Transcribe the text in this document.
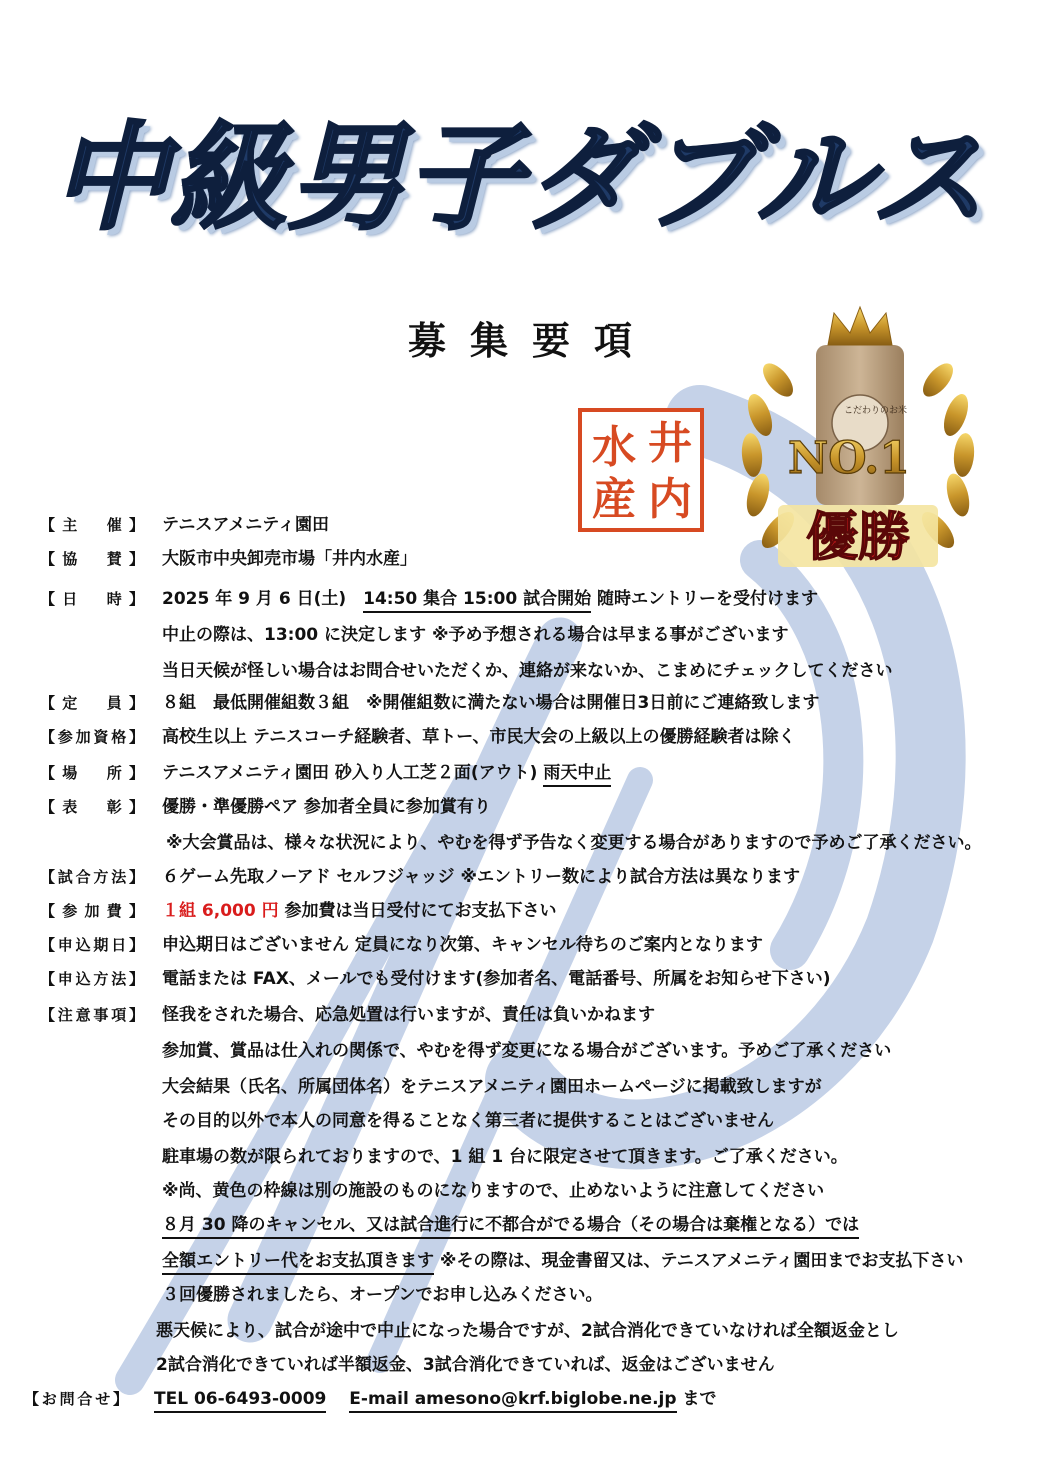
中級男子ダブルス
募集要項
井
水
内
産
NO.1
こだわりのお米
優勝
【主　催】 テニスアメニティ園田
【協　賛】 大阪市中央卸売市場「井内水産」
【日　時】 2025 年 9 月 6 日(土)　 14:50 集合 15:00 試合開始 随時エントリーを受付けます
中止の際は、13:00 に決定します ※予め予想される場合は早まる事がございます
当日天候が怪しい場合はお問合せいただくか、連絡が来ないか、こまめにチェックしてください
【定　員】 ８組　最低開催組数３組　※開催組数に満たない場合は開催日3日前にご連絡致します
【参加資格】 高校生以上 テニスコーチ経験者、草トー、市民大会の上級以上の優勝経験者は除く
【場　所】 テニスアメニティ園田 砂入り人工芝２面(アウト) 雨天中止
【表　彰】 優勝・準優勝ペア 参加者全員に参加賞有り
※大会賞品は、様々な状況により、やむを得ず予告なく変更する場合がありますので予めご了承ください。
【試合方法】 ６ゲーム先取ノーアド セルフジャッジ ※エントリー数により試合方法は異なります
【参加費】 １組 6,000 円 参加費は当日受付にてお支払下さい
【申込期日】 申込期日はございません 定員になり次第、キャンセル待ちのご案内となります
【申込方法】 電話または FAX、メールでも受付けます(参加者名、電話番号、所属をお知らせ下さい)
【注意事項】 怪我をされた場合、応急処置は行いますが、責任は負いかねます
参加賞、賞品は仕入れの関係で、やむを得ず変更になる場合がございます。予めご了承ください
大会結果（氏名、所属団体名）をテニスアメニティ園田ホームページに掲載致しますが
その目的以外で本人の同意を得ることなく第三者に提供することはございません
駐車場の数が限られておりますので、1 組 1 台に限定させて頂きます。ご了承ください。
※尚、黄色の枠線は別の施設のものになりますので、止めないように注意してください
８月 30 降のキャンセル、又は試合進行に不都合がでる場合（その場合は棄権となる）では
全額エントリー代をお支払頂きます ※その際は、現金書留又は、テニスアメニティ園田までお支払下さい
３回優勝されましたら、オープンでお申し込みください。
悪天候により、試合が途中で中止になった場合ですが、2試合消化できていなければ全額返金とし
2試合消化できていれば半額返金、3試合消化できていれば、返金はございません
【お問合せ】 TEL 06-6493-0009　 E-mail amesono@krf.biglobe.ne.jp まで
